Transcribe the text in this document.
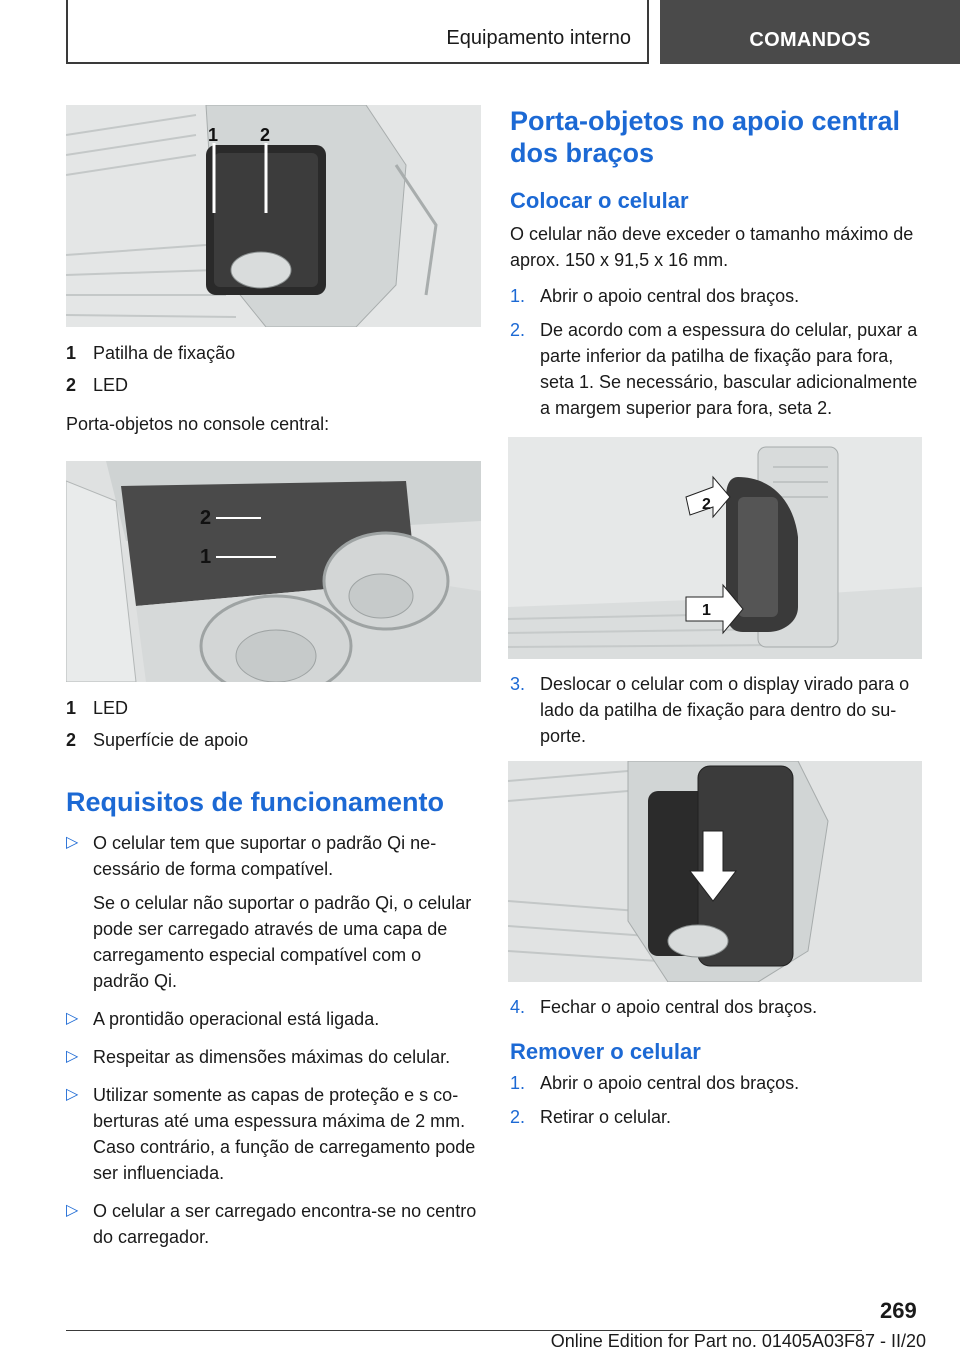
Equipamento interno	COMANDOS
1 2
1 Patilha de fixação
2 LED

Porta-objetos no console central:

2
1
1 LED
2 Superfície de apoio
Requisitos de funcionamento
▷ O celular tem que suportar o padrão Qi necessário de forma compatível.
Se o celular não suportar o padrão Qi, o celular pode ser carregado através de uma capa de carregamento especial compatível com o padrão Qi.
▷ A prontidão operacional está ligada.
▷ Respeitar as dimensões máximas do celular.
▷ Utilizar somente as capas de proteção e s coberturas até uma espessura máxima de 2 mm. Caso contrário, a função de carregamento pode ser influenciada.
▷ O celular a ser carregado encontra-se no centro do carregador.
Porta-objetos no apoio central dos braços
Colocar o celular

O celular não deve exceder o tamanho máximo de aprox. 150 x 91,5 x 16 mm.

1. Abrir o apoio central dos braços.
2. De acordo com a espessura do celular, puxar a parte inferior da patilha de fixação para fora, seta 1. Se necessário, bascular adicionalmente a margem superior para fora, seta 2.
2
1
3. Deslocar o celular com o display virado para o lado da patilha de fixação para dentro do suporte.
4. Fechar o apoio central dos braços.
Remover o celular
1. Abrir o apoio central dos braços.
2. Retirar o celular.
269
Online Edition for Part no. 01405A03F87 - II/20
